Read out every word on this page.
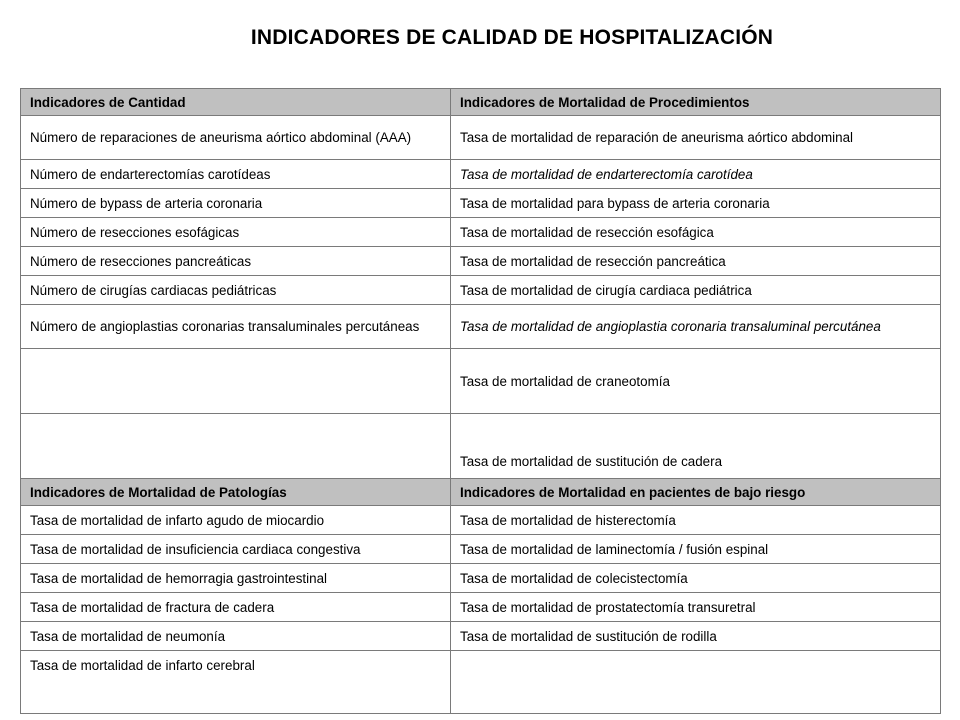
INDICADORES DE CALIDAD DE HOSPITALIZACIÓN
Indicadores de Cantidad	Indicadores de Mortalidad de Procedimientos
Número de reparaciones de aneurisma aórtico abdominal (AAA)	Tasa de mortalidad de reparación de aneurisma aórtico abdominal
Número de endarterectomías carotídeas	Tasa de mortalidad de endarterectomía carotídea
Número de bypass de arteria coronaria	Tasa de mortalidad para bypass de arteria coronaria
Número de resecciones esofágicas	Tasa de mortalidad de resección esofágica
Número de resecciones pancreáticas	Tasa de mortalidad de resección pancreática
Número de cirugías cardiacas pediátricas	Tasa de mortalidad de cirugía cardiaca pediátrica
Número de angioplastias coronarias transaluminales percutáneas	Tasa de mortalidad de angioplastia coronaria transaluminal percutánea
	Tasa de mortalidad de craneotomía
	Tasa de mortalidad de sustitución de cadera
Indicadores de Mortalidad de Patologías	Indicadores de Mortalidad en pacientes de bajo riesgo
Tasa de mortalidad de infarto agudo de miocardio	Tasa de mortalidad de histerectomía
Tasa de mortalidad de insuficiencia cardiaca congestiva	Tasa de mortalidad de laminectomía / fusión espinal
Tasa de mortalidad de hemorragia gastrointestinal	Tasa de mortalidad de colecistectomía
Tasa de mortalidad de fractura de cadera	Tasa de mortalidad de prostatectomía transuretral
Tasa de mortalidad de neumonía	Tasa de mortalidad de sustitución de rodilla
Tasa de mortalidad de infarto cerebral	
